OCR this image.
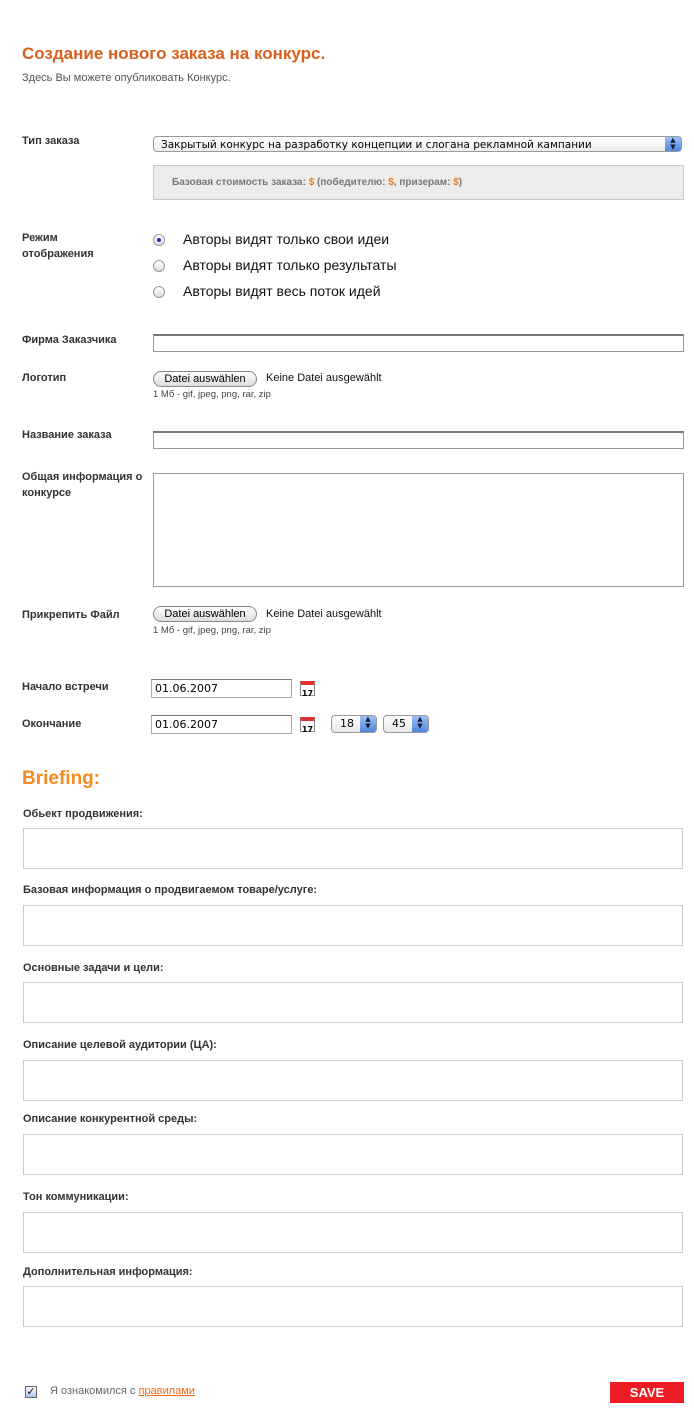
Создание нового заказа на конкурс.
Здесь Вы можете опубликовать Конкурс.
Тип заказа	Закрытый конкурс на разработку концепции и слогана рекламной кампании	▲
▼
Базовая стоимость заказа: $ (победителю: $, призерам: $)
Режим отображения
Авторы видят только свои идеи
Авторы видят только результаты
Авторы видят весь поток идей
Фирма Заказчика
Логотип	Datei auswählen	Keine Datei ausgewählt
1 Мб - gif, jpeg, png, rar, zip
Название заказа
Общая информация о конкурсе
Прикрепить Файл	Datei auswählen	Keine Datei ausgewählt
1 Мб - gif, jpeg, png, rar, zip
Начало встречи	01.06.2007	17
Окончание	01.06.2007	17	18	▲
▼	45	▲
▼
Briefing:
Обьект продвижения:
Базовая информация о продвигаемом товаре/услуге:
Основные задачи и цели:
Описание целевой аудитории (ЦА):
Описание конкурентной среды:
Тон коммуникации:
Дополнительная информация:
✓ Я ознакомился с правилами	SAVE
